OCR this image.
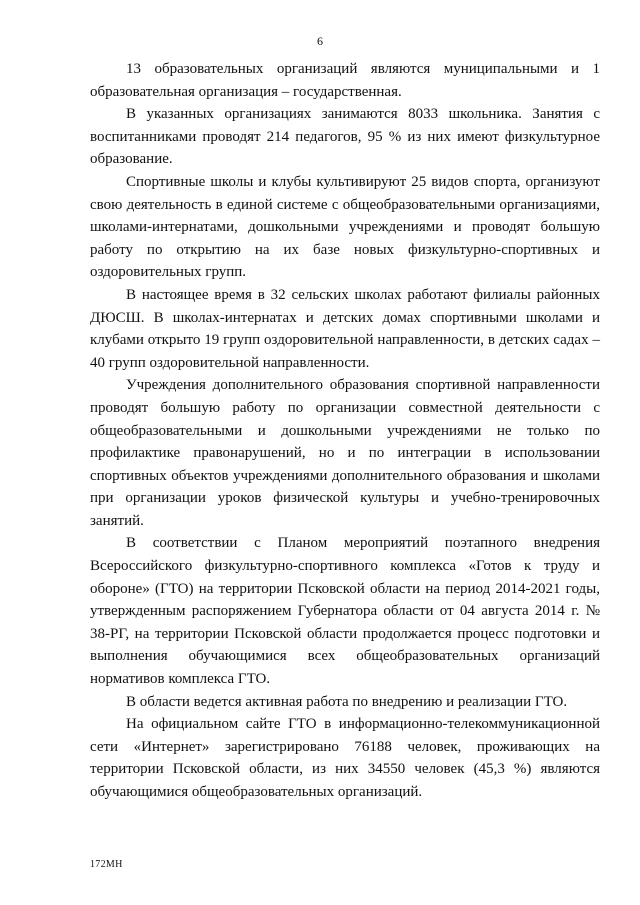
6

13 образовательных организаций являются муниципальными и 1 образовательная организация – государственная.

В указанных организациях занимаются 8033 школьника. Занятия с воспитанниками проводят 214 педагогов, 95 % из них имеют физкультурное образование.

Спортивные школы и клубы культивируют 25 видов спорта, организуют свою деятельность в единой системе с общеобразовательными организациями, школами-интернатами, дошкольными учреждениями и проводят большую работу по открытию на их базе новых физкультурно-спортивных и оздоровительных групп.

В настоящее время в 32 сельских школах работают филиалы районных ДЮСШ. В школах-интернатах и детских домах спортивными школами и клубами открыто 19 групп оздоровительной направленности, в детских садах – 40 групп оздоровительной направленности.

Учреждения дополнительного образования спортивной направленности проводят большую работу по организации совместной деятельности с общеобразовательными и дошкольными учреждениями не только по профилактике правонарушений, но и по интеграции в использовании спортивных объектов учреждениями дополнительного образования и школами при организации уроков физической культуры и учебно-тренировочных занятий.

В соответствии с Планом мероприятий поэтапного внедрения Всероссийского физкультурно-спортивного комплекса «Готов к труду и обороне» (ГТО) на территории Псковской области на период 2014-2021 годы, утвержденным распоряжением Губернатора области от 04 августа 2014 г. № 38-РГ, на территории Псковской области продолжается процесс подготовки и выполнения обучающимися всех общеобразовательных организаций нормативов комплекса ГТО.

В области ведется активная работа по внедрению и реализации ГТО.

На официальном сайте ГТО в информационно-телекоммуникационной сети «Интернет» зарегистрировано 76188 человек, проживающих на территории Псковской области, из них 34550 человек (45,3 %) являются обучающимися общеобразовательных организаций.

172МН
